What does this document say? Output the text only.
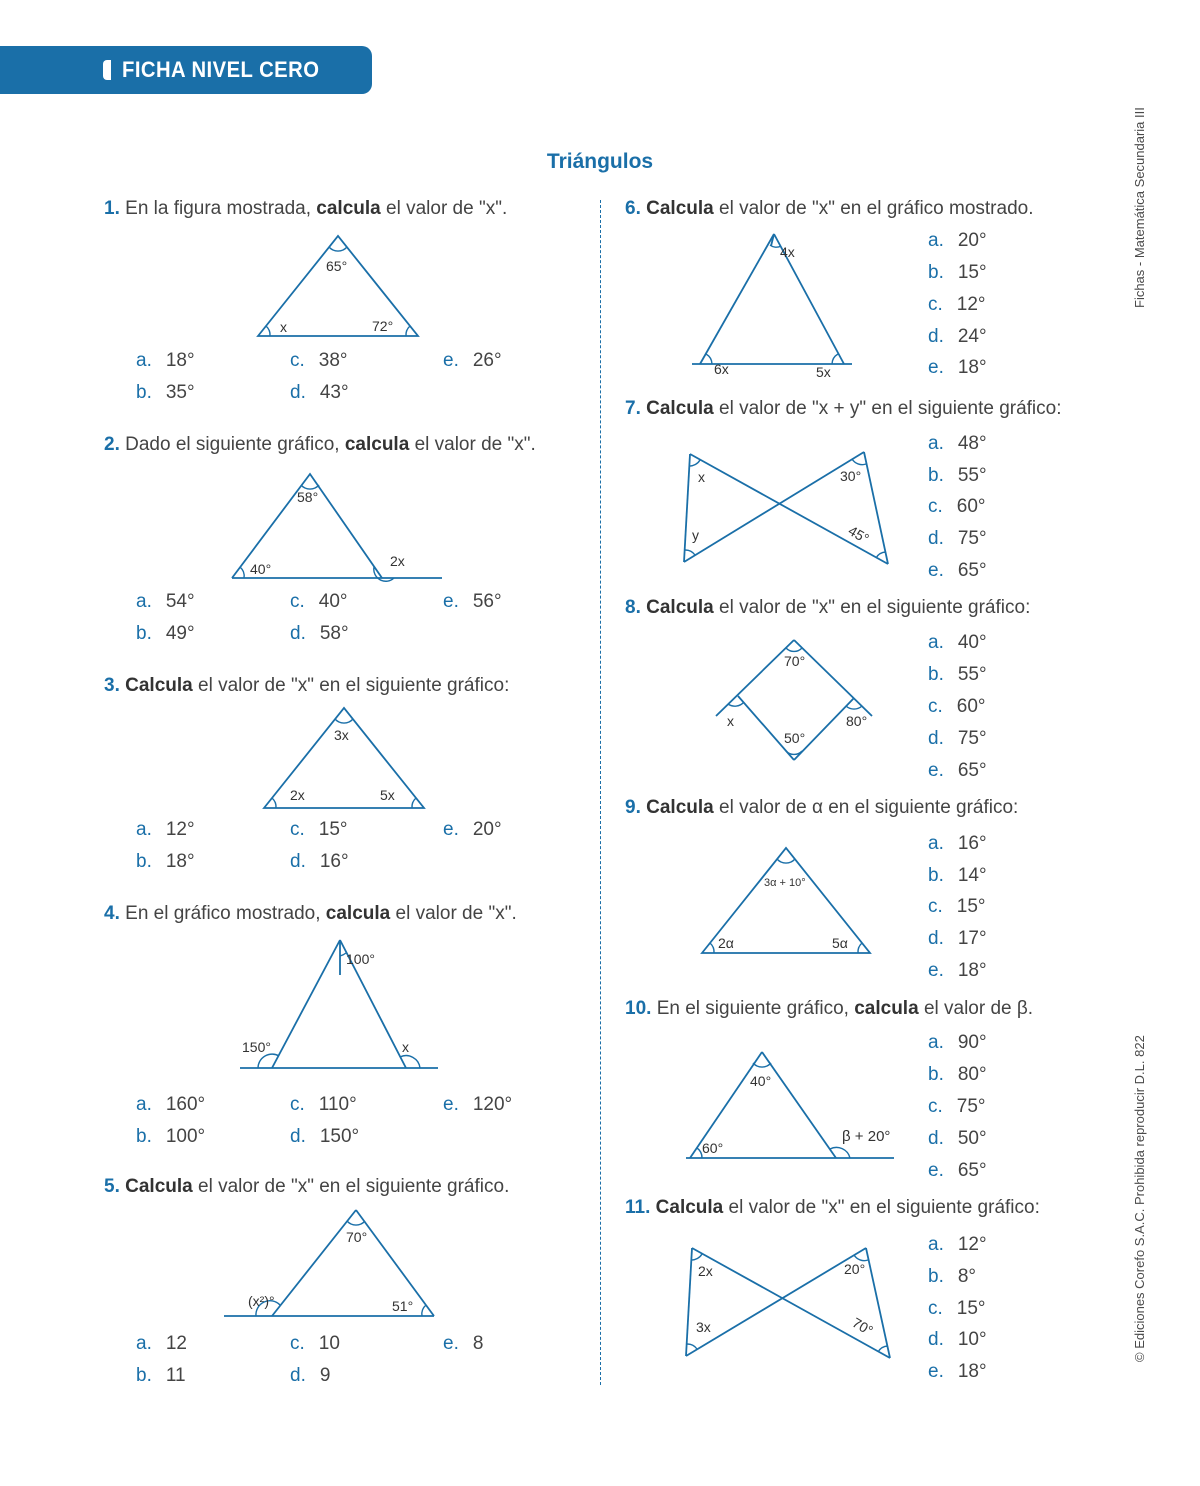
FICHA NIVEL CERO
Triángulos	Fichas - Matemática Secundaria III
© Ediciones Corefo S.A.C. Prohibida reproducir D.L. 822
1. En la figura mostrada, calcula el valor de "x".
65°
x	72°
a. 18°
b. 35°
c. 38°
d. 43°
e. 26°
2. Dado el siguiente gráfico, calcula el valor de "x".
58°
40°	2x
a. 54°
b. 49°
c. 40°
d. 58°
e. 56°
3. Calcula el valor de "x" en el siguiente gráfico:
3x
2x	5x
a. 12°
b. 18°
c. 15°
d. 16°
e. 20°
4. En el gráfico mostrado, calcula el valor de "x".
100°
150°	x
a. 160°
b. 100°
c. 110°
d. 150°
e. 120°
5. Calcula el valor de "x" en el siguiente gráfico.
70°
(x²)°	51°
a. 12
b. 11
c. 10
d. 9
e. 8
6. Calcula el valor de "x" en el gráfico mostrado.
4x
6x	5x
a. 20°
b. 15°
c. 12°
d. 24°
e. 18°
7. Calcula el valor de "x + y" en el siguiente gráfico:
x	30°
y	45°
a. 48°
b. 55°
c. 60°
d. 75°
e. 65°
8. Calcula el valor de "x" en el siguiente gráfico:
70°
x	80°
50°
a. 40°
b. 55°
c. 60°
d. 75°
e. 65°
9. Calcula el valor de α en el siguiente gráfico:
3α + 10°
2α	5α
a. 16°
b. 14°
c. 15°
d. 17°
e. 18°
10. En el siguiente gráfico, calcula el valor de β.
40°
60°
β + 20°
a. 90°
b. 80°
c. 75°
d. 50°
e. 65°
11. Calcula el valor de "x" en el siguiente gráfico:
2x	20°
3x	70°
a. 12°
b. 8°
c. 15°
d. 10°
e. 18°
